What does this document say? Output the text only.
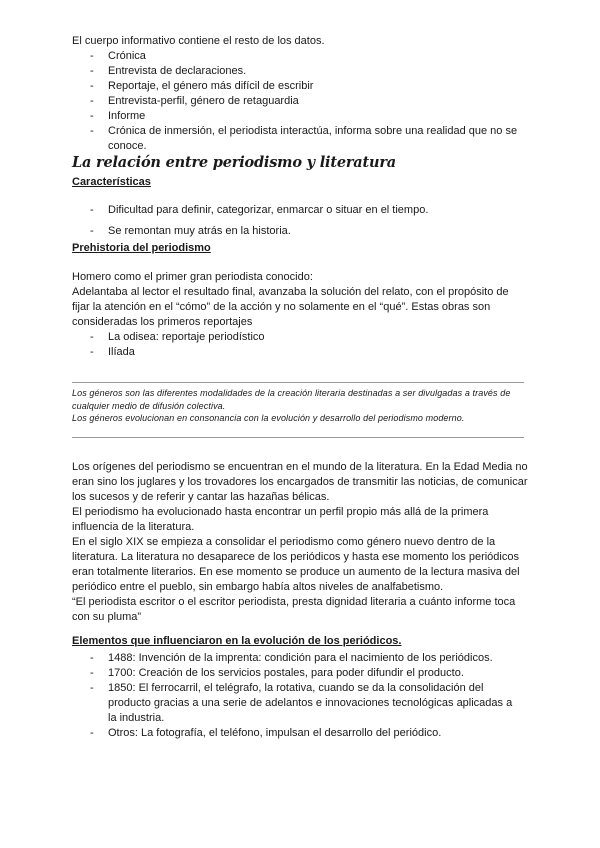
El cuerpo informativo contiene el resto de los datos.

- Crónica
- Entrevista de declaraciones.
- Reportaje, el género más difícil de escribir
- Entrevista-perfil, género de retaguardia
- Informe
- Crónica de inmersión, el periodista interactúa, informa sobre una realidad que no se conoce.
La relación entre periodismo y literatura
Características
- Dificultad para definir, categorizar, enmarcar o situar en el tiempo.
- Se remontan muy atrás en la historia.
Prehistoria del periodismo

Homero como el primer gran periodista conocido:

Adelantaba al lector el resultado final, avanzaba la solución del relato, con el propósito de fijar la atención en el “cómo” de la acción y no solamente en el “qué”. Estas obras son consideradas los primeros reportajes

- La odisea: reportaje periodístico
- Ilíada

Los géneros son las diferentes modalidades de la creación literaria destinadas a ser divulgadas a través de cualquier medio de difusión colectiva.

Los géneros evolucionan en consonancia con la evolución y desarrollo del periodismo moderno.

Los orígenes del periodismo se encuentran en el mundo de la literatura. En la Edad Media no eran sino los juglares y los trovadores los encargados de transmitir las noticias, de comunicar los sucesos y de referir y cantar las hazañas bélicas.

El periodismo ha evolucionado hasta encontrar un perfil propio más allá de la primera influencia de la literatura.

En el siglo XIX se empieza a consolidar el periodismo como género nuevo dentro de la literatura. La literatura no desaparece de los periódicos y hasta ese momento los periódicos eran totalmente literarios. En ese momento se produce un aumento de la lectura masiva del periódico entre el pueblo, sin embargo había altos niveles de analfabetismo.

“El periodista escritor o el escritor periodista, presta dignidad literaria a cuánto informe toca con su pluma”

Elementos que influenciaron en la evolución de los periódicos.
- 1488: Invención de la imprenta: condición para el nacimiento de los periódicos.
- 1700: Creación de los servicios postales, para poder difundir el producto.
- 1850: El ferrocarril, el telégrafo, la rotativa, cuando se da la consolidación del producto gracias a una serie de adelantos e innovaciones tecnológicas aplicadas a la industria.
- Otros: La fotografía, el teléfono, impulsan el desarrollo del periódico.
